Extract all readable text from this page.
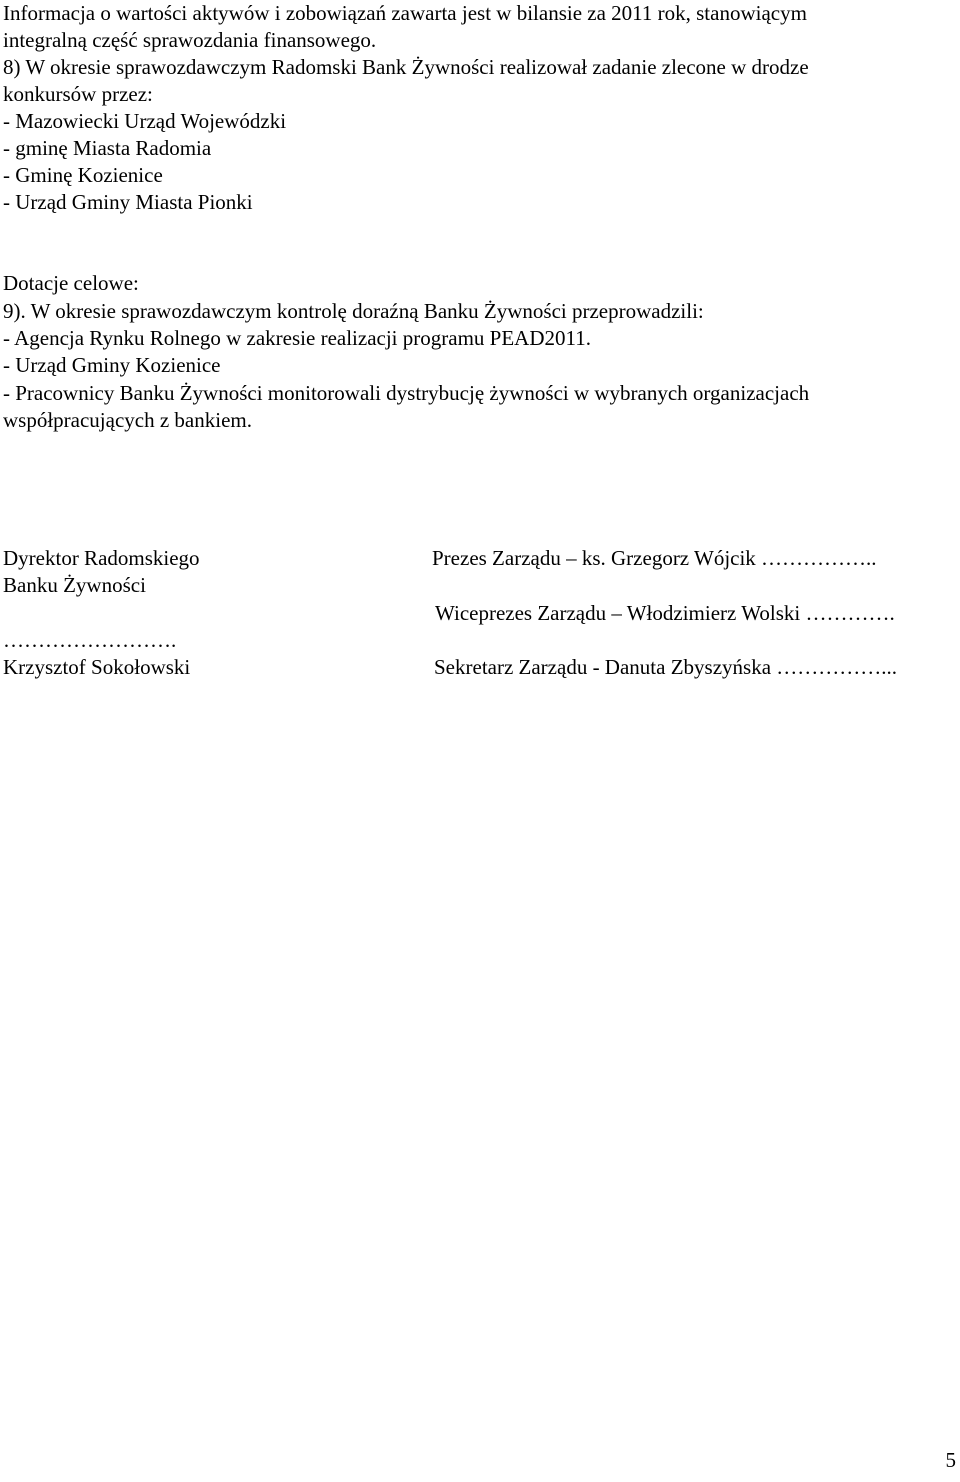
Informacja o wartości aktywów i zobowiązań zawarta jest w bilansie za 2011 rok, stanowiącym
integralną część sprawozdania finansowego.
8) W okresie sprawozdawczym Radomski Bank Żywności realizował zadanie zlecone w drodze
konkursów przez:
- Mazowiecki Urząd Wojewódzki
- gminę Miasta Radomia
- Gminę Kozienice
- Urząd Gminy Miasta Pionki
Dotacje celowe:
9). W okresie sprawozdawczym kontrolę doraźną Banku Żywności przeprowadzili:
- Agencja Rynku Rolnego w zakresie realizacji programu PEAD2011.
- Urząd Gminy Kozienice
- Pracownicy Banku Żywności monitorowali dystrybucję żywności w wybranych organizacjach
współpracujących z bankiem.
Dyrektor Radomskiego
Banku Żywności
…………………….
Krzysztof Sokołowski
Prezes Zarządu – ks. Grzegorz Wójcik ……………..
Wiceprezes Zarządu – Włodzimierz Wolski ………….
Sekretarz Zarządu - Danuta Zbyszyńska ……………...
5
